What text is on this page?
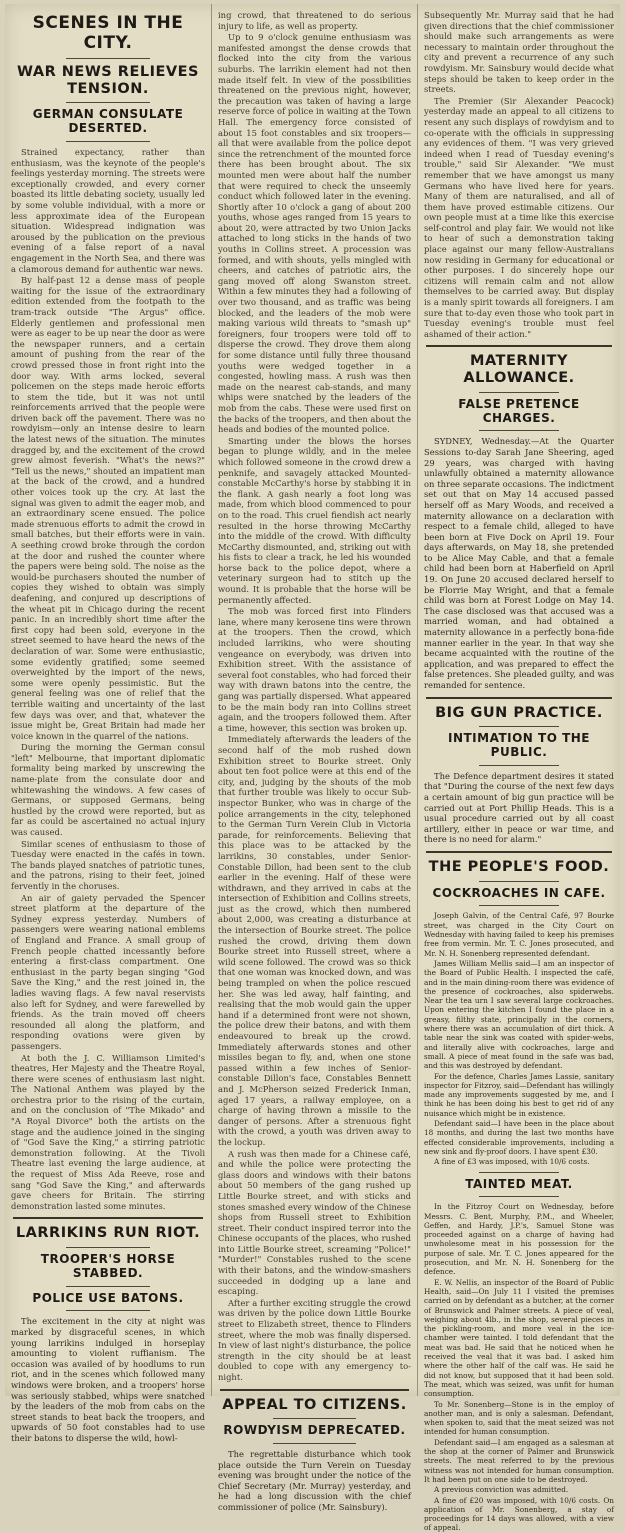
SCENES IN THE CITY.
WAR NEWS RELIEVES TENSION.
GERMAN CONSULATE DESERTED.

Strained expectancy, rather than enthusiasm, was the keynote of the people's feelings yesterday morning. The streets were exceptionally crowded, and every corner boasted its little debating society, usually led by some voluble individual, with a more or less approximate idea of the European situation. Widespread indignation was aroused by the publication on the previous evening of a false report of a naval engagement in the North Sea, and there was a clamorous demand for authentic war news.

By half-past 12 a dense mass of people waiting for the issue of the extraordinary edition extended from the footpath to the tram-track outside "The Argus" office. Elderly gentlemen and professional men were as eager to be up near the door as were the newspaper runners, and a certain amount of pushing from the rear of the crowd pressed those in front right into the door way. With arms locked, several policemen on the steps made heroic efforts to stem the tide, but it was not until reinforcements arrived that the people were driven back off the pavement. There was no rowdyism—only an intense desire to learn the latest news of the situation. The minutes dragged by, and the excitement of the crowd grew almost feverish. "What's the news?" "Tell us the news," shouted an impatient man at the back of the crowd, and a hundred other voices took up the cry. At last the signal was given to admit the eager mob, and an extraordinary scene ensued. The police made strenuous efforts to admit the crowd in small batches, but their efforts were in vain. A seething crowd broke through the cordon at the door and rushed the counter where the papers were being sold. The noise as the would-be purchasers shouted the number of copies they wished to obtain was simply deafening, and conjured up descriptions of the wheat pit in Chicago during the recent panic. In an incredibly short time after the first copy had been sold, everyone in the street seemed to have heard the news of the declaration of war. Some were enthusiastic, some evidently gratified; some seemed overweighted by the import of the news, some were openly pessimistic. But the general feeling was one of relief that the terrible waiting and uncertainty of the last few days was over, and that, whatever the issue might be, Great Britain had made her voice known in the quarrel of the nations.

During the morning the German consul "left" Melbourne, that important diplomatic formality being marked by unscrewing the name-plate from the consulate door and whitewashing the windows. A few cases of Germans, or supposed Germans, being hustled by the crowd were reported, but as far as could be ascertained no actual injury was caused.

Similar scenes of enthusiasm to those of Tuesday were enacted in the cafés in town. The bands played snatches of patriotic tunes, and the patrons, rising to their feet, joined fervently in the choruses.

An air of gaiety pervaded the Spencer street platform at the departure of the Sydney express yesterday. Numbers of passengers were wearing national emblems of England and France. A small group of French people chatted incessantly before entering a first-class compartment. One enthusiast in the party began singing "God Save the King," and the rest joined in, the ladies waving flags. A few naval reservists also left for Sydney, and were farewelled by friends. As the train moved off cheers resounded all along the platform, and responding ovations were given by passengers.

At both the J. C. Williamson Limited's theatres, Her Majesty and the Theatre Royal, there were scenes of enthusiasm last night. The National Anthem was played by the orchestra prior to the rising of the curtain, and on the conclusion of "The Mikado" and "A Royal Divorce" both the artists on the stage and the audience joined in the singing of "God Save the King," a stirring patriotic demonstration following. At the Tivoli Theatre last evening the large audience, at the request of Miss Ada Reeve, rose and sang "God Save the King," and afterwards gave cheers for Britain. The stirring demonstration lasted some minutes.

LARRIKINS RUN RIOT.
TROOPER'S HORSE STABBED.
POLICE USE BATONS.

The excitement in the city at night was marked by disgraceful scenes, in which young larrikins indulged in horseplay amounting to violent ruffianism. The occasion was availed of by hoodlums to run riot, and in the scenes which followed many windows were broken, and a troopers' horse was seriously stabbed, whips were snatched by the leaders of the mob from cabs on the street stands to beat back the troopers, and upwards of 50 foot constables had to use their batons to disperse the wild, howl-

ing crowd, that threatened to do serious injury to life, as well as property.

Up to 9 o'clock genuine enthusiasm was manifested amongst the dense crowds that flocked into the city from the various suburbs. The larrikin element had not then made itself felt. In view of the possibilities threatened on the previous night, however, the precaution was taken of having a large reserve force of police in waiting at the Town Hall. The emergency force consisted of about 15 foot constables and six troopers—all that were available from the police depot since the retrenchment of the mounted force there has been brought about. The six mounted men were about half the number that were required to check the unseemly conduct which followed later in the evening. Shortly after 10 o'clock a gang of about 200 youths, whose ages ranged from 15 years to about 20, were attracted by two Union Jacks attached to long sticks in the hands of two youths in Collins street. A procession was formed, and with shouts, yells mingled with cheers, and catches of patriotic airs, the gang moved off along Swanston street. Within a few minutes they had a following of over two thousand, and as traffic was being blocked, and the leaders of the mob were making various wild threats to "smash up" foreigners, four troopers were told off to disperse the crowd. They drove them along for some distance until fully three thousand youths were wedged together in a congested, howling mass. A rush was then made on the nearest cab-stands, and many whips were snatched by the leaders of the mob from the cabs. These were used first on the backs of the troopers, and then about the heads and bodies of the mounted police.

Smarting under the blows the horses began to plunge wildly, and in the melee which followed someone in the crowd drew a penknife, and savagely attacked Mounted-constable McCarthy's horse by stabbing it in the flank. A gash nearly a foot long was made, from which blood commenced to pour on to the road. This cruel fiendish act nearly resulted in the horse throwing McCarthy into the middle of the crowd. With difficulty McCarthy dismounted, and, striking out with his fists to clear a track, he led his wounded horse back to the police depot, where a veterinary surgeon had to stitch up the wound. It is probable that the horse will be permanently affected.

The mob was forced first into Flinders lane, where many kerosene tins were thrown at the troopers. Then the crowd, which included larrikins, who were shouting vengeance on everybody, was driven into Exhibition street. With the assistance of several foot constables, who had forced their way with drawn batons into the centre, the gang was partially dispersed. What appeared to be the main body ran into Collins street again, and the troopers followed them. After a time, however, this section was broken up.

Immediately afterwards the leaders of the second half of the mob rushed down Exhibition street to Bourke street. Only about ten foot police were at this end of the city, and, judging by the shouts of the mob that further trouble was likely to occur Sub-inspector Bunker, who was in charge of the police arrangements in the city, telephoned to the German Turn Verein Club in Victoria parade, for reinforcements. Believing that this place was to be attacked by the larrikins, 30 constables, under Senior-Constable Dillon, had been sent to the club earlier in the evening. Half of these were withdrawn, and they arrived in cabs at the intersection of Exhibition and Collins streets, just as the crowd, which then numbered about 2,000, was creating a disturbance at the intersection of Bourke street. The police rushed the crowd, driving them down Bourke street into Russell street, where a wild scene followed. The crowd was so thick that one woman was knocked down, and was being trampled on when the police rescued her. She was led away, half fainting, and realising that the mob would gain the upper hand if a determined front were not shown, the police drew their batons, and with them endeavoured to break up the crowd. Immediately afterwards stones and other missiles began to fly, and, when one stone passed within a few inches of Senior-constable Dillon's face, Constables Bennett and J. McPherson seized Frederick Inman, aged 17 years, a railway employee, on a charge of having thrown a missile to the danger of persons. After a strenuous fight with the crowd, a youth was driven away to the lockup.

A rush was then made for a Chinese café, and while the police were protecting the glass doors and windows with their batons about 50 members of the gang rushed up Little Bourke street, and with sticks and stones smashed every window of the Chinese shops from Russell street to Exhibition street. Their conduct inspired terror into the Chinese occupants of the places, who rushed into Little Bourke street, screaming "Police!" "Murder!" Constables rushed to the scene with their batons, and the window-smashers succeeded in dodging up a lane and escaping.

After a further exciting struggle the crowd was driven by the police down Little Bourke street to Elizabeth street, thence to Flinders street, where the mob was finally dispersed. In view of last night's disturbance, the police strength in the city should be at least doubled to cope with any emergency to-night.

APPEAL TO CITIZENS.
ROWDYISM DEPRECATED.

The regrettable disturbance which took place outside the Turn Verein on Tuesday evening was brought under the notice of the Chief Secretary (Mr. Murray) yesterday, and he had a long discussion with the chief commissioner of police (Mr. Sainsbury).

Subsequently Mr. Murray said that he had given directions that the chief commissioner should make such arrangements as were necessary to maintain order throughout the city and prevent a recurrence of any such rowdyism. Mr. Sainsbury would decide what steps should be taken to keep order in the streets.

The Premier (Sir Alexander Peacock) yesterday made an appeal to all citizens to resent any such displays of rowdyism and to co-operate with the officials in suppressing any evidences of them. "I was very grieved indeed when I read of Tuesday evening's trouble," said Sir Alexander. "We must remember that we have amongst us many Germans who have lived here for years. Many of them are naturalised, and all of them have proved estimable citizens. Our own people must at a time like this exercise self-control and play fair. We would not like to hear of such a demonstration taking place against our many fellow-Australians now residing in Germany for educational or other purposes. I do sincerely hope our citizens will remain calm and not allow themselves to be carried away. But display is a manly spirit towards all foreigners. I am sure that to-day even those who took part in Tuesday evening's trouble must feel ashamed of their action."

MATERNITY ALLOWANCE.
FALSE PRETENCE CHARGES.

SYDNEY, Wednesday.—At the Quarter Sessions to-day Sarah Jane Sheering, aged 29 years, was charged with having unlawfully obtained a maternity allowance on three separate occasions. The indictment set out that on May 14 accused passed herself off as Mary Woods, and received a maternity allowance on a declaration with respect to a female child, alleged to have been born at Five Dock on April 19. Four days afterwards, on May 18, she pretended to be Alice May Cable, and that a female child had been born at Haberfield on April 19. On June 20 accused declared herself to be Florrie May Wright, and that a female child was born at Forest Lodge on May 14. The case disclosed was that accused was a married woman, and had obtained a maternity allowance in a perfectly bona-fide manner earlier in the year. In that way she became acquainted with the routine of the application, and was prepared to effect the false pretences. She pleaded guilty, and was remanded for sentence.

BIG GUN PRACTICE.
INTIMATION TO THE PUBLIC.

The Defence department desires it stated that "During the course of the next few days a certain amount of big gun practice will be carried out at Port Phillip Heads. This is a usual procedure carried out by all coast artillery, either in peace or war time, and there is no need for alarm."

THE PEOPLE'S FOOD.
COCKROACHES IN CAFE.

Joseph Galvin, of the Central Café, 97 Bourke street, was charged in the City Court on Wednesday with having failed to keep his premises free from vermin. Mr. T. C. Jones prosecuted, and Mr. N. H. Sonenberg represented defendant.

James William Mellis said—I am an inspector of the Board of Public Health. I inspected the café, and in the main dining-room there was evidence of the presence of cockroaches, also spiderwebs. Near the tea urn I saw several large cockroaches. Upon entering the kitchen I found the place in a greasy, filthy state, principally in the corners, where there was an accumulation of dirt thick. A table near the sink was coated with spider-webs, and literally alive with cockroaches, large and small. A piece of meat found in the safe was bad, and this was destroyed by defendant.

For the defence, Charles James Lassie, sanitary inspector for Fitzroy, said—Defendant has willingly made any improvements suggested by me, and I think he has been doing his best to get rid of any nuisance which might be in existence.

Defendant said—I have been in the place about 18 months, and during the last two months have effected considerable improvements, including a new sink and fly-proof doors. I have spent £30.

A fine of £3 was imposed, with 10/6 costs.

TAINTED MEAT.

In the Fitzroy Court on Wednesday, before Messrs. C. Bent, Murphy, P.M., and Wheeler, Geffen, and Hardy, J.P.'s, Samuel Stone was proceeded against on a charge of having had unwholesome meat in his possession for the purpose of sale. Mr. T. C. Jones appeared for the prosecution, and Mr. N. H. Sonenberg for the defence.

E. W. Nellis, an inspector of the Board of Public Health, said—On July 11 I visited the premises carried on by defendant as a butcher, at the corner of Brunswick and Palmer streets. A piece of veal, weighing about 4lb., in the shop, several pieces in the pickling-room, and more veal in the ice-chamber were tainted. I told defendant that the meat was bad. He said that he noticed when he received the veal that it was bad. I asked him where the other half of the calf was. He said he did not know, but supposed that it had been sold. The meat, which was seized, was unfit for human consumption.

To Mr. Sonenberg—Stone is in the employ of another man, and is only a salesman. Defendant, when spoken to, said that the meat seized was not intended for human consumption.

Defendant said—I am engaged as a salesman at the shop at the corner of Palmer and Brunswick streets. The meat referred to by the previous witness was not intended for human consumption. It had been put on one side to be destroyed.

A previous conviction was admitted.

A fine of £20 was imposed, with 10/6 costs. On application of Mr. Sonenberg, a stay of proceedings for 14 days was allowed, with a view of appeal.
